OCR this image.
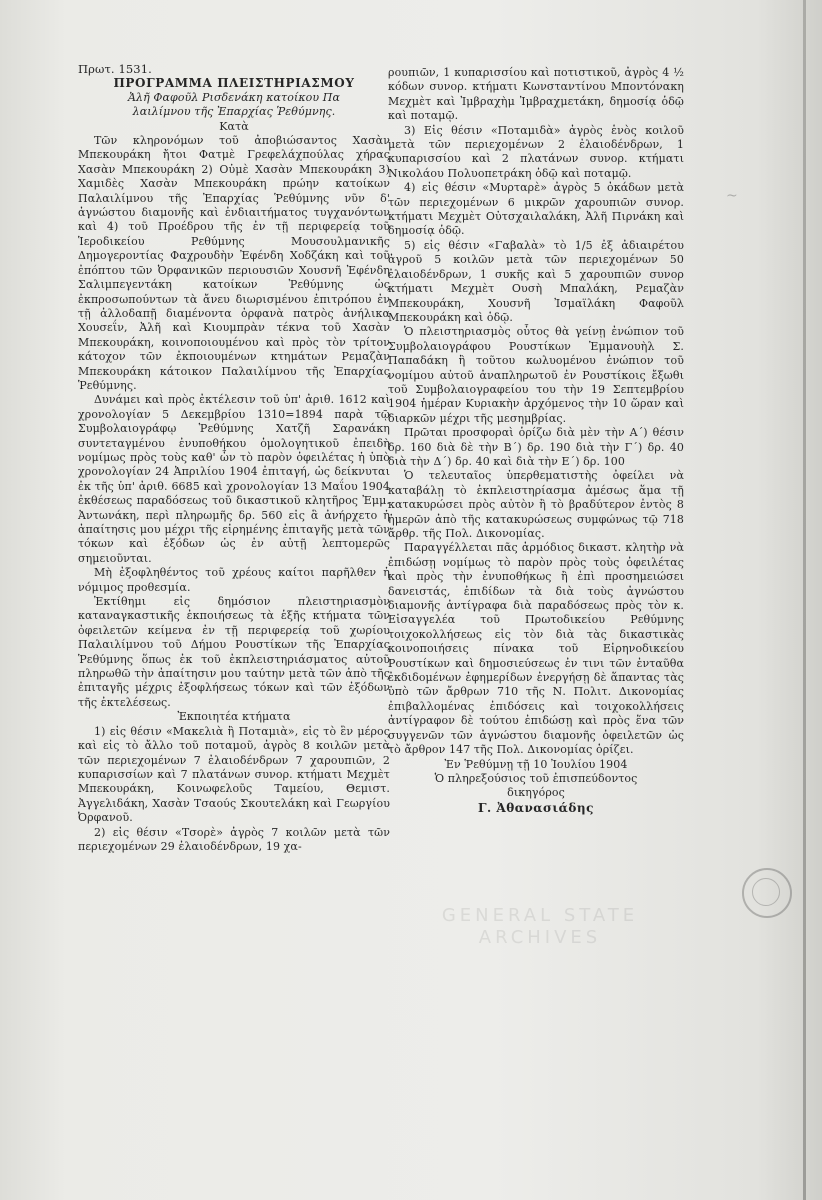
~
GENERAL STATE
ARCHIVES

Πρωτ. 1531.

ΠΡΟΓΡΑΜΜΑ ΠΛΕΙΣΤΗΡΙΑΣΜΟΥ

Ἀλῆ Φαφοῦλ Ρισδενάκη κατοίκου Πα

λαιλίμνου τῆς Ἐπαρχίας Ῥεθύμνης.

Κατὰ

Τῶν κληρονόμων τοῦ ἀποβιώσαντος Χασὰν Μπεκουράκη ἤτοι Φατμὲ Γρεφελάχπούλας χήρας Χασὰν Μπεκουράκη 2) Οὐμὲ Χασὰν Μπεκουράκη 3) Χαμιδὲς Χασὰν Μπεκουράκη πρώην κατοίκων Παλαιλίμνου τῆς Ἐπαρχίας Ῥεθύμνης νῦν δ' ἀγνώστου διαμονῆς καὶ ἐνδιαιτήματος τυγχανόντων καὶ 4) τοῦ Προέδρου τῆς ἐν τῇ περιφερείᾳ τοῦ Ἱεροδικείου Ρεθύμνης Μουσουλμανικῆς Δημογεροντίας Φαχρουδὴν Ἐφένδη Χοδζάκη καὶ τοῦ ἐπόπτου τῶν Ὀρφανικῶν περιουσιῶν Χουσνῆ Ἐφένδη Σαλιμπεγεντάκη κατοίκων Ῥεθύμνης ὡς ἐκπροσωπούντων τὰ ἄνευ διωρισμένου ἐπιτρόπου ἐν τῇ ἀλλοδαπῇ διαμένοντα ὀρφανὰ πατρὸς ἀνήλικα Χουσεΐν, Ἀλῆ καὶ Κιουμπρὰν τέκνα τοῦ Χασὰν Μπεκουράκη, κοινοποιουμένου καὶ πρὸς τὸν τρίτον κάτοχον τῶν ἐκποιουμένων κτημάτων Ρεμαζὰν Μπεκουράκη κάτοικον Παλαιλίμνου τῆς Ἐπαρχίας Ῥεθύμνης.

Δυνάμει καὶ πρὸς ἐκτέλεσιν τοῦ ὑπ' ἀριθ. 1612 καὶ χρονολογίαν 5 Δεκεμβρίου 1310=1894 παρὰ τῷ Συμβολαιογράφῳ Ῥεθύμνης Χατζῆ Σαρανάκη συντεταγμένου ἐνυποθήκου ὁμολογητικοῦ ἐπειδὴ νομίμως πρὸς τοὺς καθ' ὧν τὸ παρὸν ὀφειλέτας ἡ ὑπὸ χρονολογίαν 24 Ἀπριλίου 1904 ἐπιταγή, ὡς δείκνυται ἐκ τῆς ὑπ' ἀριθ. 6685 καὶ χρονολογίαν 13 Μαΐου 1904 ἐκθέσεως παραδόσεως τοῦ δικαστικοῦ κλητῆρος Ἐμμ. Ἀντωνάκη, περὶ πληρωμῆς δρ. 560 εἰς ἃ ἀνήρχετο ἡ ἀπαίτησις μου μέχρι τῆς εἰρημένης ἐπιταγῆς μετὰ τῶν τόκων καὶ ἐξόδων ὡς ἐν αὐτῇ λεπτομερῶς σημειοῦνται.

Μὴ ἐξοφληθέντος τοῦ χρέους καίτοι παρῆλθεν ἡ νόμιμος προθεσμία.

Ἐκτίθημι εἰς δημόσιον πλειστηριασμὸν καταναγκαστικῆς ἐκποιήσεως τὰ ἑξῆς κτήματα τῶν ὀφειλετῶν κείμενα ἐν τῇ περιφερείᾳ τοῦ χωρίου Παλαιλίμνου τοῦ Δήμου Ρουστίκων τῆς Ἐπαρχίας Ῥεθύμνης ὅπως ἐκ τοῦ ἐκπλειστηριάσματος αὐτοῦ πληρωθῶ τὴν ἀπαίτησιν μου ταύτην μετὰ τῶν ἀπὸ τῆς ἐπιταγῆς μέχρις ἐξοφλήσεως τόκων καὶ τῶν ἐξόδων τῆς ἐκτελέσεως.

Ἐκποιητέα κτήματα

1) εἰς θέσιν «Μακελιὰ ἢ Ποταμιὰ», εἰς τὸ ἓν μέρος καὶ εἰς τὸ ἄλλο τοῦ ποταμοῦ, ἀγρὸς 8 κοιλῶν μετὰ τῶν περιεχομένων 7 ἐλαιοδένδρων 7 χαρουπιῶν, 2 κυπαρισσίων καὶ 7 πλατάνων συνορ. κτήματι Μεχμὲτ Μπεκουράκη, Κοινωφελοῦς Ταμείου, Θεμιστ. Ἀγγελιδάκη, Χασὰν Τσαούς Σκουτελάκη καὶ Γεωργίου Ὀρφανοῦ.

2) εἰς θέσιν «Τσορὲ» ἀγρὸς 7 κοιλῶν μετὰ τῶν περιεχομένων 29 ἐλαιοδένδρων, 19 χα-

ρουπιῶν, 1 κυπαρισσίου καὶ ποτιστικοῦ, ἀγρὸς 4 ½ κόδων συνορ. κτήματι Κωνσταντίνου Μποντόνακη Μεχμὲτ καὶ Ἰμβραχὴμ Ἰμβραχμετάκη, δημοσίᾳ ὁδῷ καὶ ποταμῷ.

3) Εἰς θέσιν «Ποταμιδὰ» ἀγρὸς ἑνὸς κοιλοῦ μετὰ τῶν περιεχομένων 2 ἐλαιοδένδρων, 1 κυπαρισσίου καὶ 2 πλατάνων συνορ. κτήματι Νικολάου Πολυοπετράκη ὁδῷ καὶ ποταμῷ.

4) εἰς θέσιν «Μυρταρὲ» ἀγρὸς 5 ὀκάδων μετὰ τῶν περιεχομένων 6 μικρῶν χαρουπιῶν συνορ. κτήματι Μεχμὲτ Οὐτσχαιλαλάκη, Ἀλῆ Πιρνάκη καὶ δημοσίᾳ ὁδῷ.

5) εἰς θέσιν «Γαβαλὰ» τὸ 1/5 ἐξ ἀδιαιρέτου ἀγροῦ 5 κοιλῶν μετὰ τῶν περιεχομένων 50 ἐλαιοδένδρων, 1 συκῆς καὶ 5 χαρουπιῶν συνορ κτήματι Μεχμὲτ Ουσὴ Μπαλάκη, Ρεμαζὰν Μπεκουράκη, Χουσνῆ Ἰσμαϊλάκη Φαφοῦλ Μπεκουράκη καὶ ὁδῷ.

Ὁ πλειστηριασμὸς οὗτος θὰ γείνῃ ἐνώπιον τοῦ Συμβολαιογράφου Ρουστίκων Ἐμμανουὴλ Σ. Παπαδάκη ἢ τοῦτου κωλυομένου ἐνώπιον τοῦ νομίμου αὐτοῦ ἀναπληρωτοῦ ἐν Ρουστίκοις ἔξωθι τοῦ Συμβολαιογραφείου του τὴν 19 Σεπτεμβρίου 1904 ἡμέραν Κυριακὴν ἀρχόμενος τὴν 10 ὥραν καὶ διαρκῶν μέχρι τῆς μεσημβρίας.

Πρῶται προσφοραὶ ὁρίζω διὰ μὲν τὴν Α΄) θέσιν δρ. 160 διὰ δὲ τὴν Β΄) δρ. 190 διὰ τὴν Γ΄) δρ. 40 διὰ τὴν Δ΄) δρ. 40 καὶ διὰ τὴν Ε΄) δρ. 100

Ὁ τελευταῖος ὑπερθεματιστὴς ὀφείλει νὰ καταβάλῃ τὸ ἐκπλειστηρίασμα ἀμέσως ἅμα τῇ κατακυρώσει πρὸς αὐτὸν ἢ τὸ βραδύτερον ἐντὸς 8 ἡμερῶν ἀπὸ τῆς κατακυρώσεως συμφώνως τῷ 718 ἄρθρ. τῆς Πολ. Δικονομίας.

Παραγγέλλεται πᾶς ἁρμόδιος δικαστ. κλητὴρ νὰ ἐπιδώσῃ νομίμως τὸ παρὸν πρὸς τοὺς ὀφειλέτας καὶ πρὸς τὴν ἐνυποθήκως ἢ ἐπὶ προσημειώσει δανειστάς, ἐπιδίδων τὰ διὰ τοὺς ἀγνώστου διαμονῆς ἀντίγραφα διὰ παραδόσεως πρὸς τὸν κ. Εἰσαγγελέα τοῦ Πρωτοδικείου Ρεθύμνης τοιχοκολλήσεως εἰς τὸν διὰ τὰς δικαστικὰς κοινοποιήσεις πίνακα τοῦ Εἰρηνοδικείου Ρουστίκων καὶ δημοσιεύσεως ἐν τινι τῶν ἐνταῦθα ἐκδιδομένων ἐφημερίδων ἐνεργήσῃ δὲ ἅπαντας τὰς ὑπὸ τῶν ἄρθρων 710 τῆς Ν. Πολιτ. Δικονομίας ἐπιβαλλομένας ἐπιδόσεις καὶ τοιχοκολλήσεις ἀντίγραφον δὲ τούτου ἐπιδώσῃ καὶ πρὸς ἕνα τῶν συγγενῶν τῶν ἀγνώστου διαμονῆς ὀφειλετῶν ὡς τὸ ἄρθρον 147 τῆς Πολ. Δικονομίας ὁρίζει.

Ἐν Ῥεθύμνῃ τῇ 10 Ἰουλίου 1904

Ὁ πληρεξούσιος τοῦ ἐπισπεύδοντος

δικηγόρος

Γ. Ἀθανασιάδης
